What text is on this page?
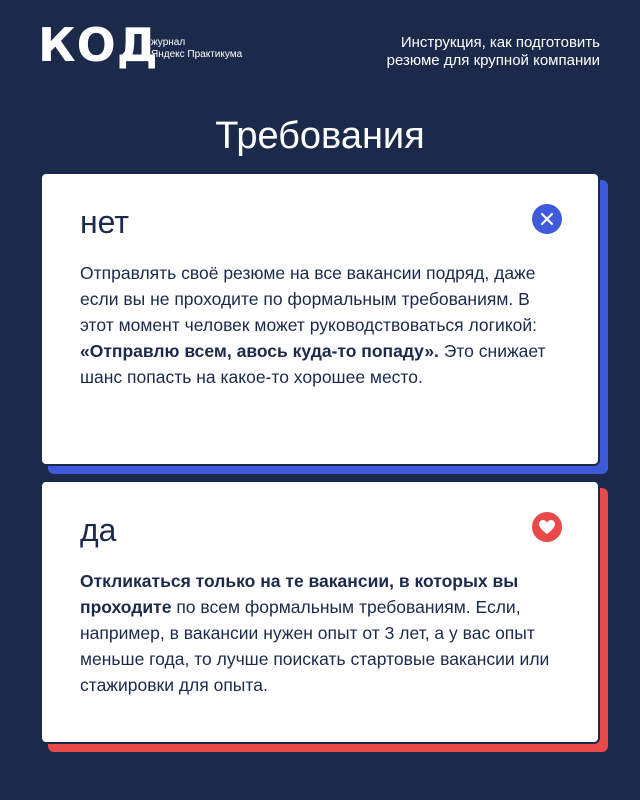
КОД
журнал
Яндекс Практикума
Инструкция, как подготовить
резюме для крупной компании
Требования
нет
Отправлять своё резюме на все вакансии подряд, даже если вы не проходите по формальным требованиям. В этот момент человек может руководствоваться логикой: «Отправлю всем, авось куда-то попаду». Это снижает шанс попасть на какое-то хорошее место.
да
Откликаться только на те вакансии, в которых вы проходите по всем формальным требованиям. Если, например, в вакансии нужен опыт от 3 лет, а у вас опыт меньше года, то лучше поискать стартовые вакансии или стажировки для опыта.
